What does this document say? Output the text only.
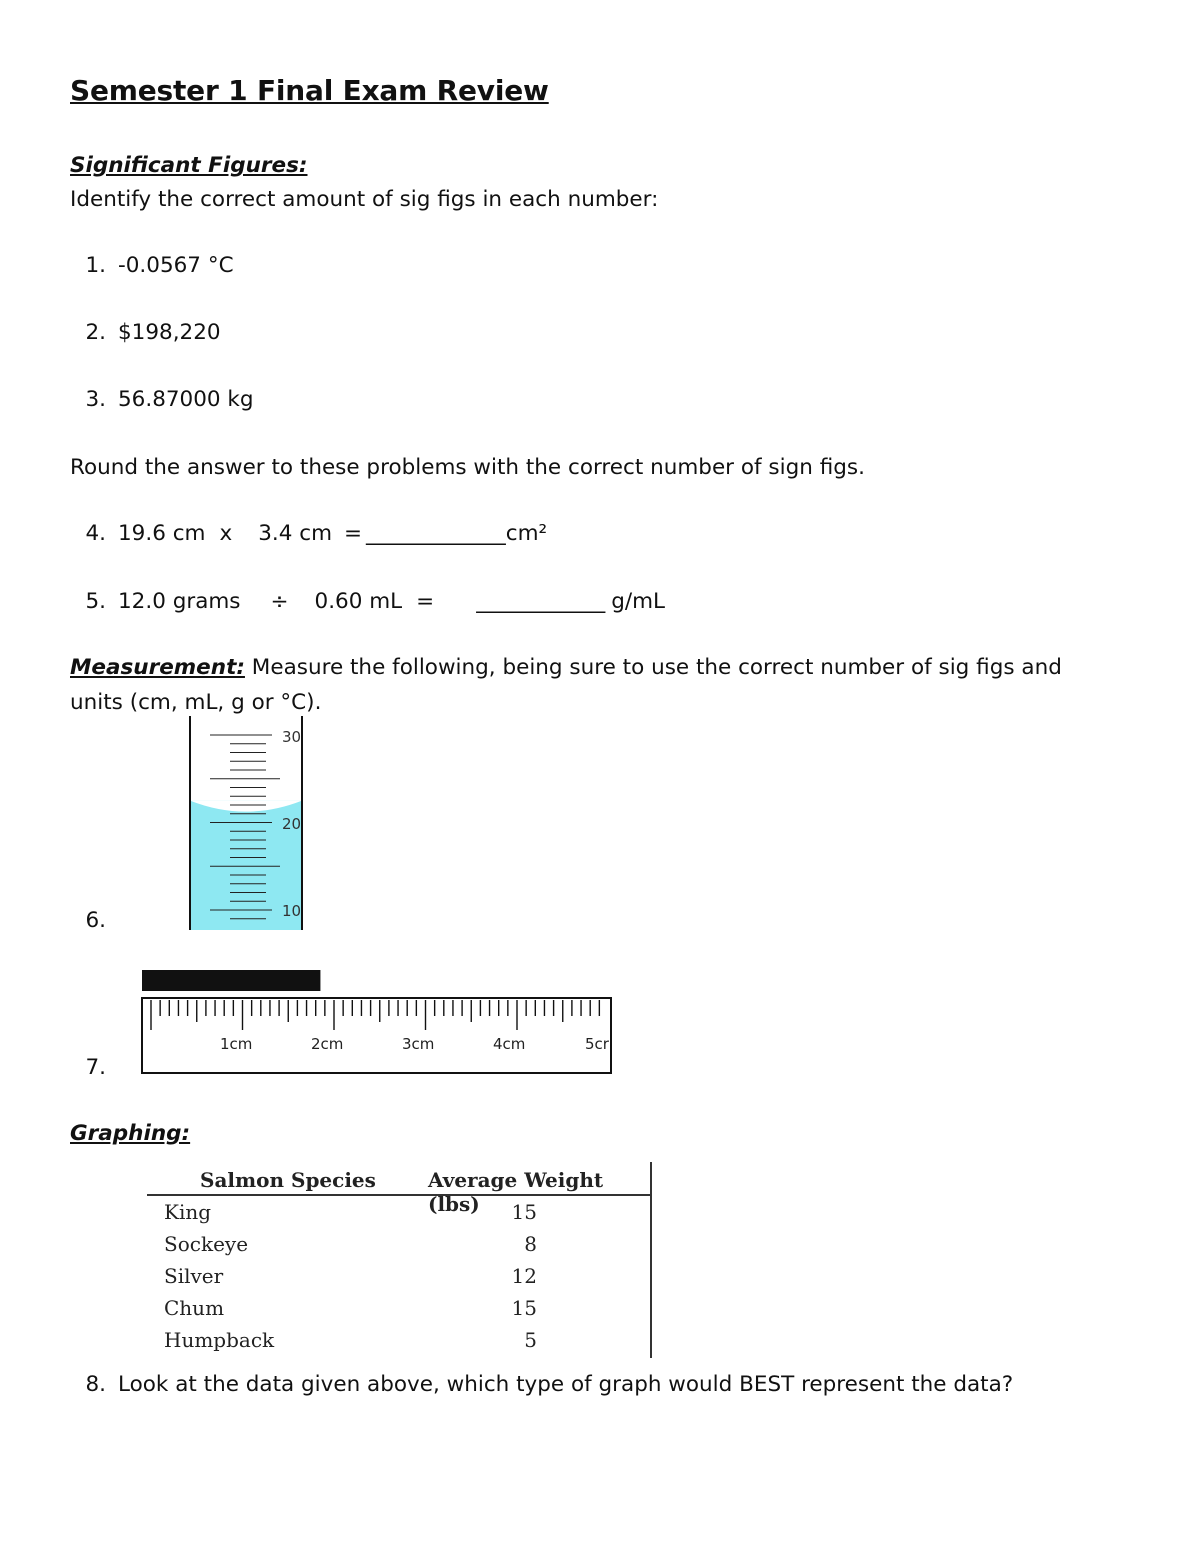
Semester 1 Final Exam Review
Significant Figures:
Identify the correct amount of sig figs in each number:
1. -0.0567 °C
2. $198,220
3. 56.87000 kg
Round the answer to these problems with the correct number of sign figs.
4. 19.6 cm x 3.4 cm = _____________cm²
5. 12.0 grams ÷ 0.60 mL = ____________ g/mL
Measurement: Measure the following, being sure to use the correct number of sig figs and
units (cm, mL, g or °C).
30
20
10
6.
1cm	2cm	3cm	4cm	5cr
7.
Graphing:
Salmon Species	Average Weight (lbs)
King	15
Sockeye	8
Silver	12
Chum	15
Humpback	5
8. Look at the data given above, which type of graph would BEST represent the data?
